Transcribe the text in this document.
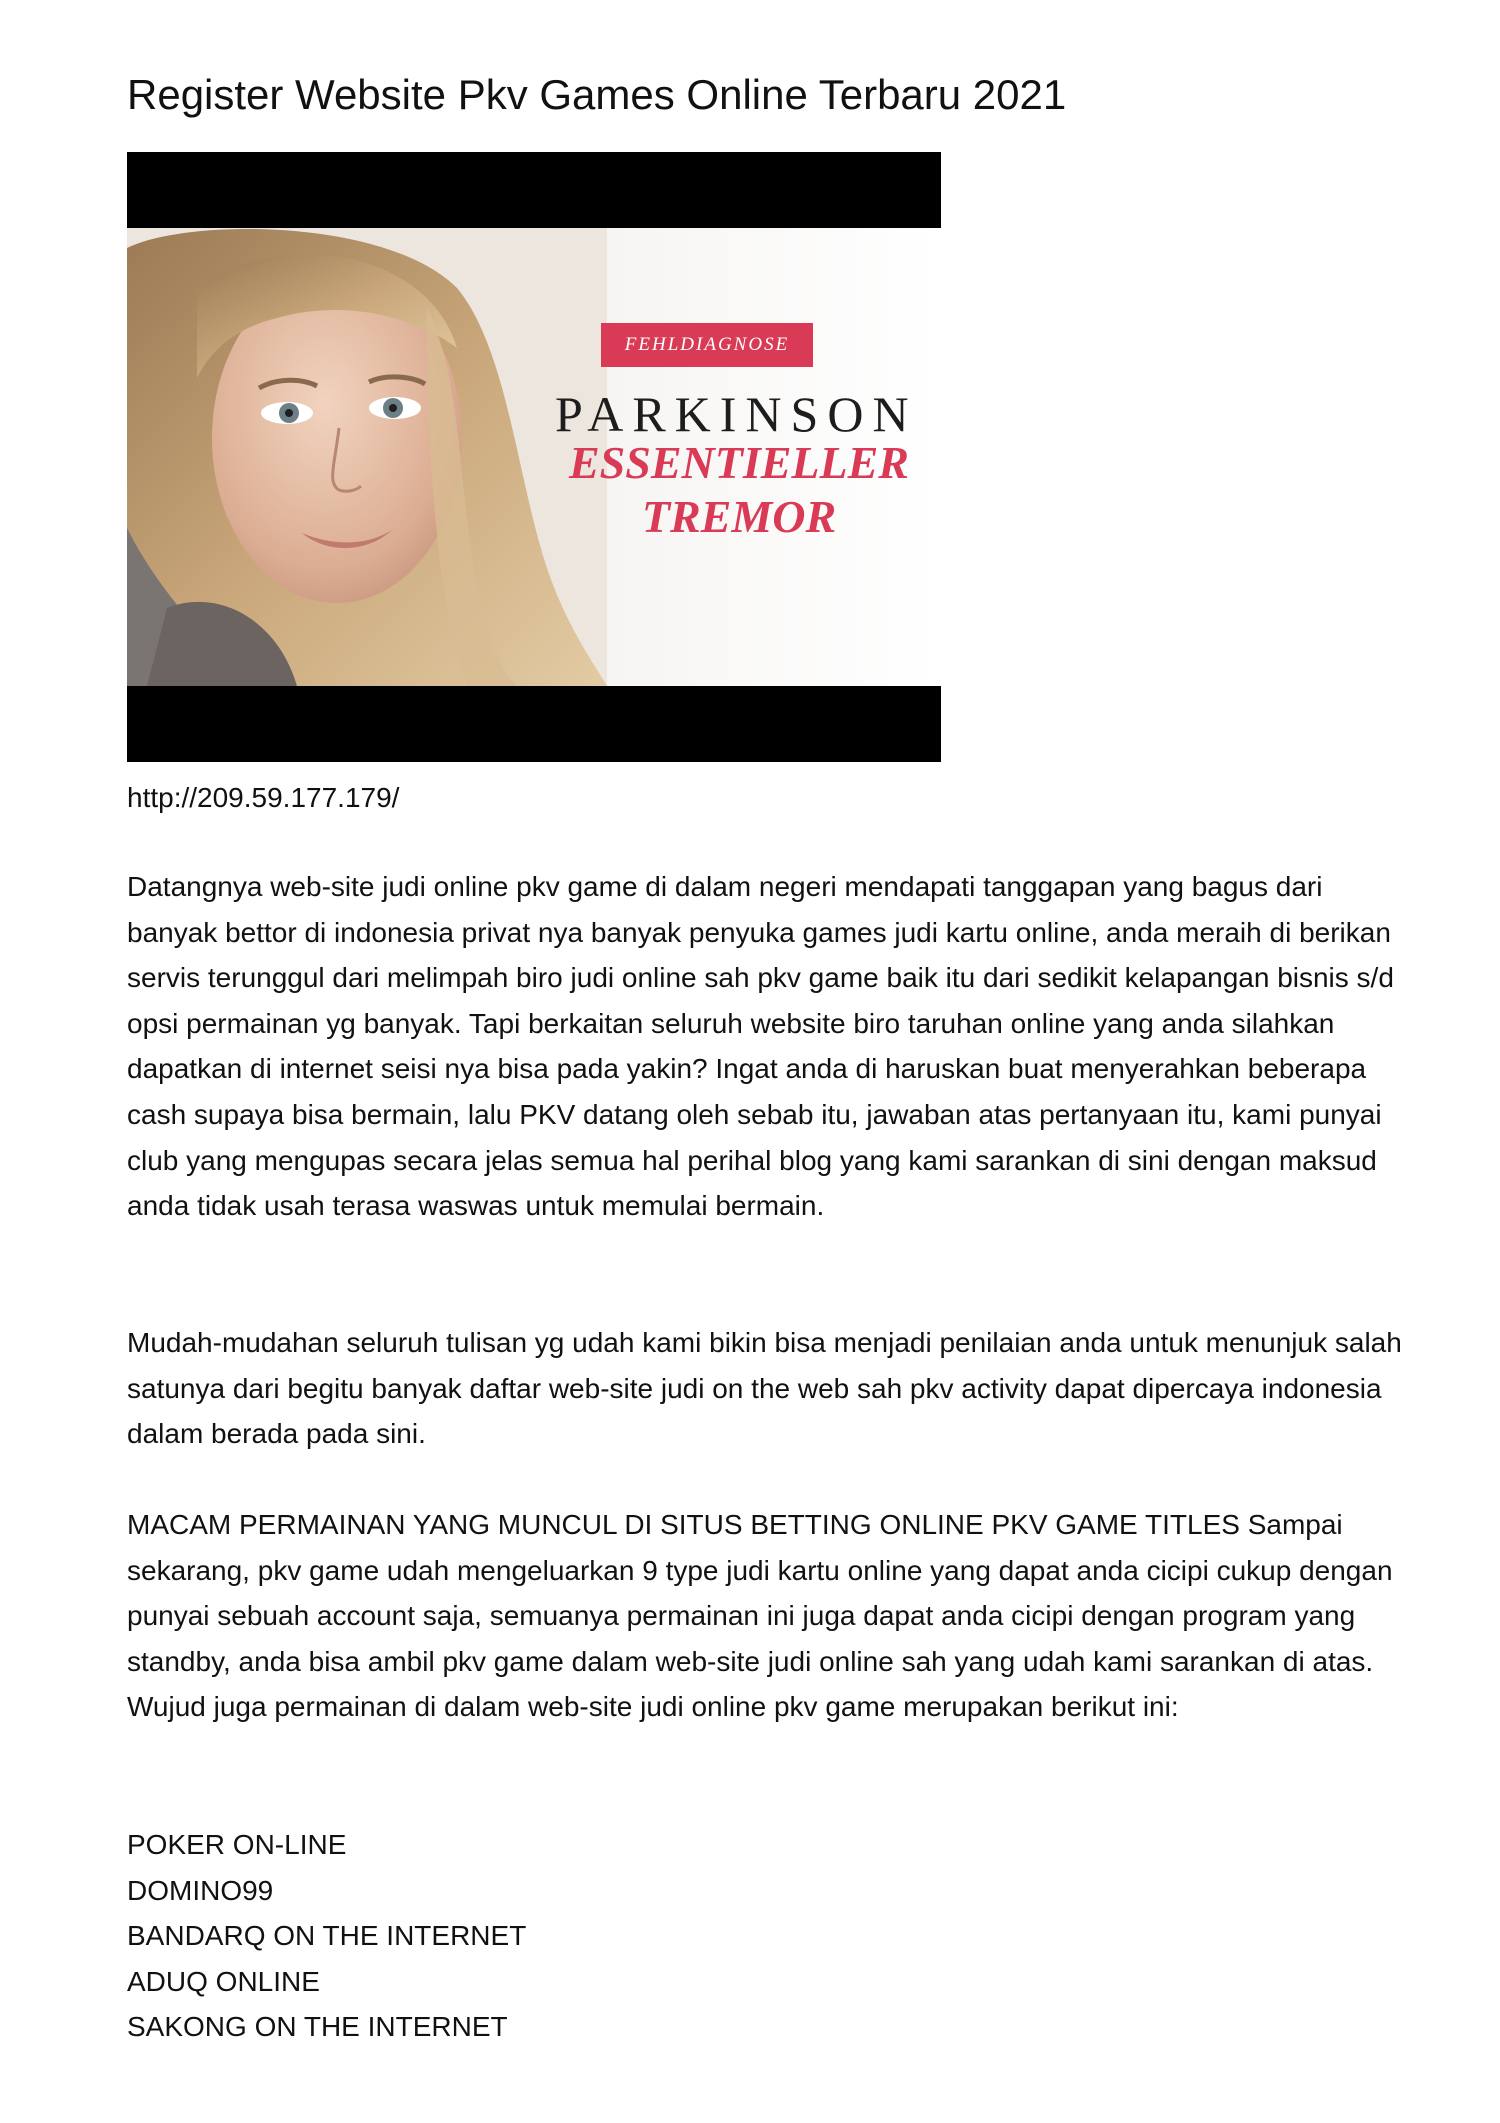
Register Website Pkv Games Online Terbaru 2021
FEHLDIAGNOSE
PARKINSON
ESSENTIELLER
TREMOR
http://209.59.177.179/

Datangnya web-site judi online pkv game di dalam negeri mendapati tanggapan yang bagus dari banyak bettor di indonesia privat nya banyak penyuka games judi kartu online, anda meraih di berikan servis terunggul dari melimpah biro judi online sah pkv game baik itu dari sedikit kelapangan bisnis s/d opsi permainan yg banyak. Tapi berkaitan seluruh website biro taruhan online yang anda silahkan dapatkan di internet seisi nya bisa pada yakin? Ingat anda di haruskan buat menyerahkan beberapa cash supaya bisa bermain, lalu PKV datang oleh sebab itu, jawaban atas pertanyaan itu, kami punyai club yang mengupas secara jelas semua hal perihal blog yang kami sarankan di sini dengan maksud anda tidak usah terasa waswas untuk memulai bermain.

Mudah-mudahan seluruh tulisan yg udah kami bikin bisa menjadi penilaian anda untuk menunjuk salah satunya dari begitu banyak daftar web-site judi on the web sah pkv activity dapat dipercaya indonesia dalam berada pada sini.

MACAM PERMAINAN YANG MUNCUL DI SITUS BETTING ONLINE PKV GAME TITLES Sampai sekarang, pkv game udah mengeluarkan 9 type judi kartu online yang dapat anda cicipi cukup dengan punyai sebuah account saja, semuanya permainan ini juga dapat anda cicipi dengan program yang standby, anda bisa ambil pkv game dalam web-site judi online sah yang udah kami sarankan di atas. Wujud juga permainan di dalam web-site judi online pkv game merupakan berikut ini:

POKER ON-LINE
DOMINO99
BANDARQ ON THE INTERNET
ADUQ ONLINE
SAKONG ON THE INTERNET
